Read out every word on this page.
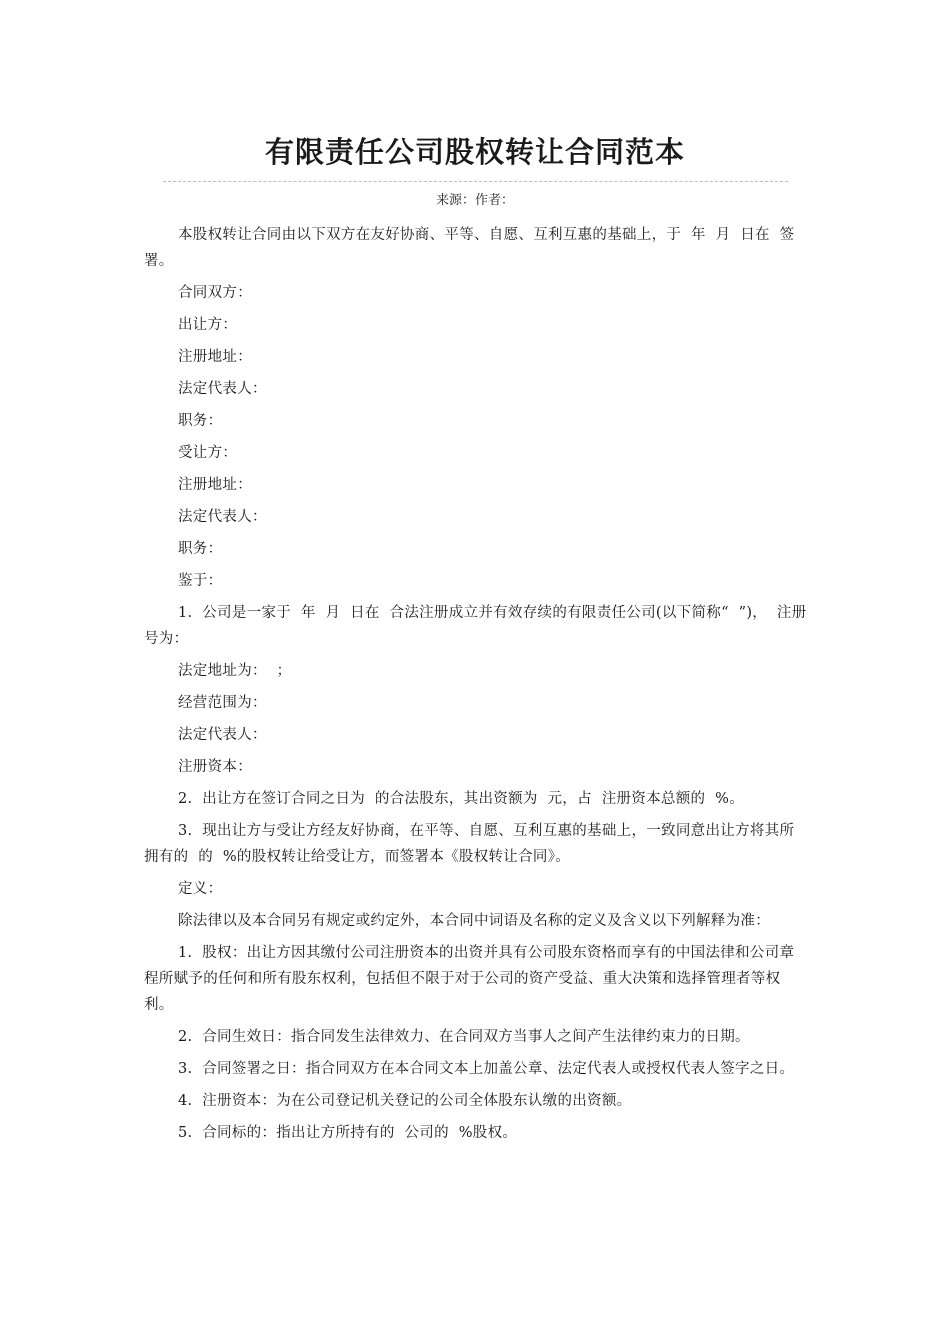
有限责任公司股权转让合同范本
来源：作者：

本股权转让合同由以下双方在友好协商、平等、自愿、互利互惠的基础上，于  年  月  日在  签署。

合同双方：

出让方：

注册地址：

法定代表人：

职务：

受让方：

注册地址：

法定代表人：

职务：

鉴于：

1.  公司是一家于  年  月  日在  合法注册成立并有效存续的有限责任公司(以下简称“  ”)，  注册号为：

法定地址为：  ；

经营范围为：

法定代表人：

注册资本：

2.  出让方在签订合同之日为  的合法股东，其出资额为  元，占  注册资本总额的  %。

3.  现出让方与受让方经友好协商，在平等、自愿、互利互惠的基础上，一致同意出让方将其所拥有的  的  %的股权转让给受让方，而签署本《股权转让合同》。

定义：

除法律以及本合同另有规定或约定外，本合同中词语及名称的定义及含义以下列解释为准：

1.  股权：出让方因其缴付公司注册资本的出资并具有公司股东资格而享有的中国法律和公司章程所赋予的任何和所有股东权利，包括但不限于对于公司的资产受益、重大决策和选择管理者等权利。

2.  合同生效日：指合同发生法律效力、在合同双方当事人之间产生法律约束力的日期。

3.  合同签署之日：指合同双方在本合同文本上加盖公章、法定代表人或授权代表人签字之日。

4.  注册资本：为在公司登记机关登记的公司全体股东认缴的出资额。

5.  合同标的：指出让方所持有的  公司的  %股权。
